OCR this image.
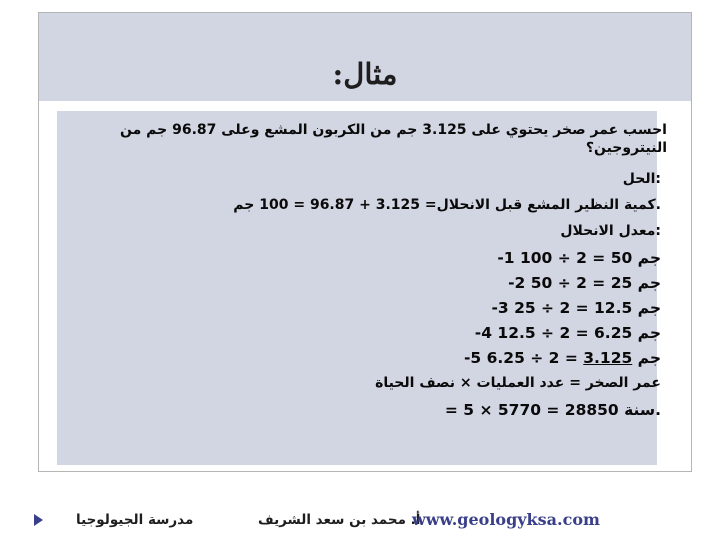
مثال:
احسب عمر صخر يحتوي على 3.125 جم من الكربون المشع وعلى 96.87 جم من النيتروجين؟
:الحل
.كمية النظير المشع قبل الانحلال= 3.125 + 96.87 = 100 جم
:معدل الانحلال
جم 50 = 2 ÷ 100 1-
جم 25 = 2 ÷ 50 2-
جم 12.5 = 2 ÷ 25 3-
جم 6.25 = 2 ÷ 12.5 4-
جم 3.125 = 2 ÷ 6.25 5-
عمر الصخر = عدد العمليات × نصف الحياة
.سنة 28850 = 5770 × 5 =
مدرسة الجيولوجيا	أ. محمد بن سعد الشريف
www.geologyksa.com
